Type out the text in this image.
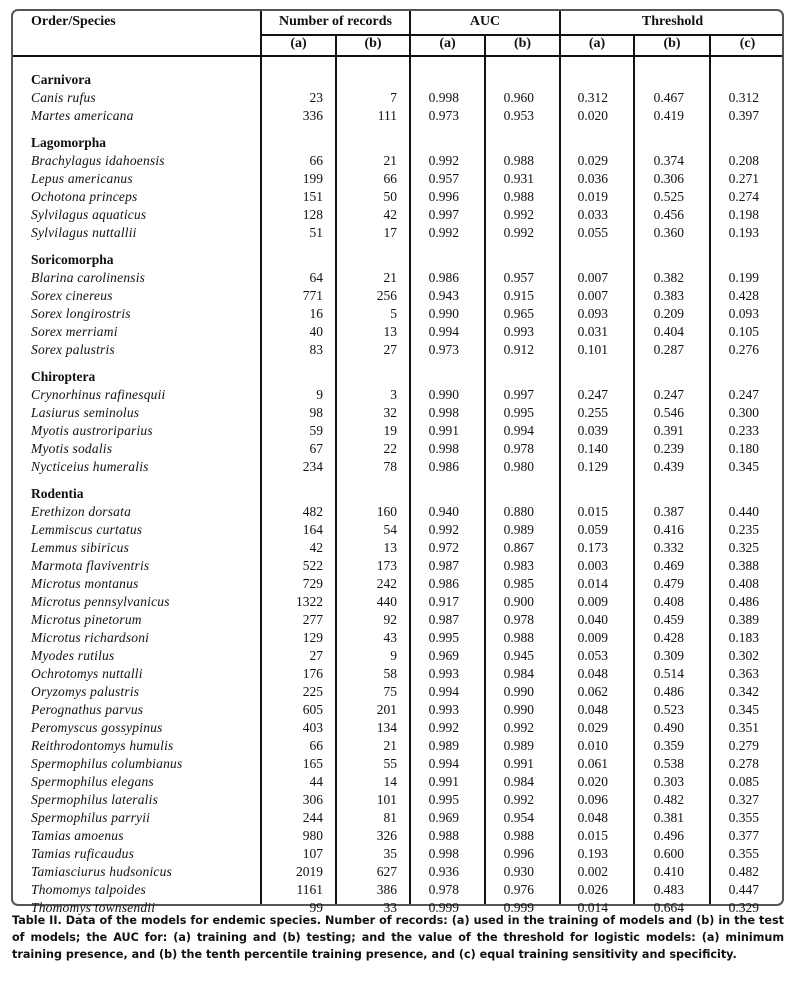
Order/Species	Number of records	AUC	Threshold
(a)	(b)	(a)	(b)	(a)	(b)	(c)
Carnivora
Canis rufus	23	7 0.998	0.960	0.312	0.467	0.312
Martes americana	336	111 0.973	0.953	0.020	0.419	0.397
Lagomorpha
Brachylagus idahoensis	66	21 0.992	0.988	0.029	0.374	0.208
Lepus americanus	199	66 0.957	0.931	0.036	0.306	0.271
Ochotona princeps	151	50 0.996	0.988	0.019	0.525	0.274
Sylvilagus aquaticus	128	42 0.997	0.992	0.033	0.456	0.198
Sylvilagus nuttallii	51	17 0.992	0.992	0.055	0.360	0.193
Soricomorpha
Blarina carolinensis	64	21 0.986	0.957	0.007	0.382	0.199
Sorex cinereus	771	256 0.943	0.915	0.007	0.383	0.428
Sorex longirostris	16	5 0.990	0.965	0.093	0.209	0.093
Sorex merriami	40	13 0.994	0.993	0.031	0.404	0.105
Sorex palustris	83	27 0.973	0.912	0.101	0.287	0.276
Chiroptera
Crynorhinus rafinesquii	9	3 0.990	0.997	0.247	0.247	0.247
Lasiurus seminolus	98	32 0.998	0.995	0.255	0.546	0.300
Myotis austroriparius	59	19 0.991	0.994	0.039	0.391	0.233
Myotis sodalis	67	22 0.998	0.978	0.140	0.239	0.180
Nycticeius humeralis	234	78 0.986	0.980	0.129	0.439	0.345
Rodentia
Erethizon dorsata	482	160 0.940	0.880	0.015	0.387	0.440
Lemmiscus curtatus	164	54 0.992	0.989	0.059	0.416	0.235
Lemmus sibiricus	42	13 0.972	0.867	0.173	0.332	0.325
Marmota flaviventris	522	173 0.987	0.983	0.003	0.469	0.388
Microtus montanus	729	242 0.986	0.985	0.014	0.479	0.408
Microtus pennsylvanicus	1322	440 0.917	0.900	0.009	0.408	0.486
Microtus pinetorum	277	92 0.987	0.978	0.040	0.459	0.389
Microtus richardsoni	129	43 0.995	0.988	0.009	0.428	0.183
Myodes rutilus	27	9 0.969	0.945	0.053	0.309	0.302
Ochrotomys nuttalli	176	58 0.993	0.984	0.048	0.514	0.363
Oryzomys palustris	225	75 0.994	0.990	0.062	0.486	0.342
Perognathus parvus	605	201 0.993	0.990	0.048	0.523	0.345
Peromyscus gossypinus	403	134 0.992	0.992	0.029	0.490	0.351
Reithrodontomys humulis	66	21 0.989	0.989	0.010	0.359	0.279
Spermophilus columbianus	165	55 0.994	0.991	0.061	0.538	0.278
Spermophilus elegans	44	14 0.991	0.984	0.020	0.303	0.085
Spermophilus lateralis	306	101 0.995	0.992	0.096	0.482	0.327
Spermophilus parryii	244	81 0.969	0.954	0.048	0.381	0.355
Tamias amoenus	980	326 0.988	0.988	0.015	0.496	0.377
Tamias ruficaudus	107	35 0.998	0.996	0.193	0.600	0.355
Tamiasciurus hudsonicus	2019	627 0.936	0.930	0.002	0.410	0.482
Thomomys talpoides	1161	386 0.978	0.976	0.026	0.483	0.447
Thomomys townsendii	99	33 0.999	0.999	0.014	0.664	0.329
Table II. Data of the models for endemic species. Number of records: (a) used in the training of models and (b) in the test of models; the AUC for: (a) training and (b) testing; and the value of the threshold for logistic models: (a) minimum training presence, and (b) the tenth percentile training presence, and (c) equal training sensitivity and specificity.
